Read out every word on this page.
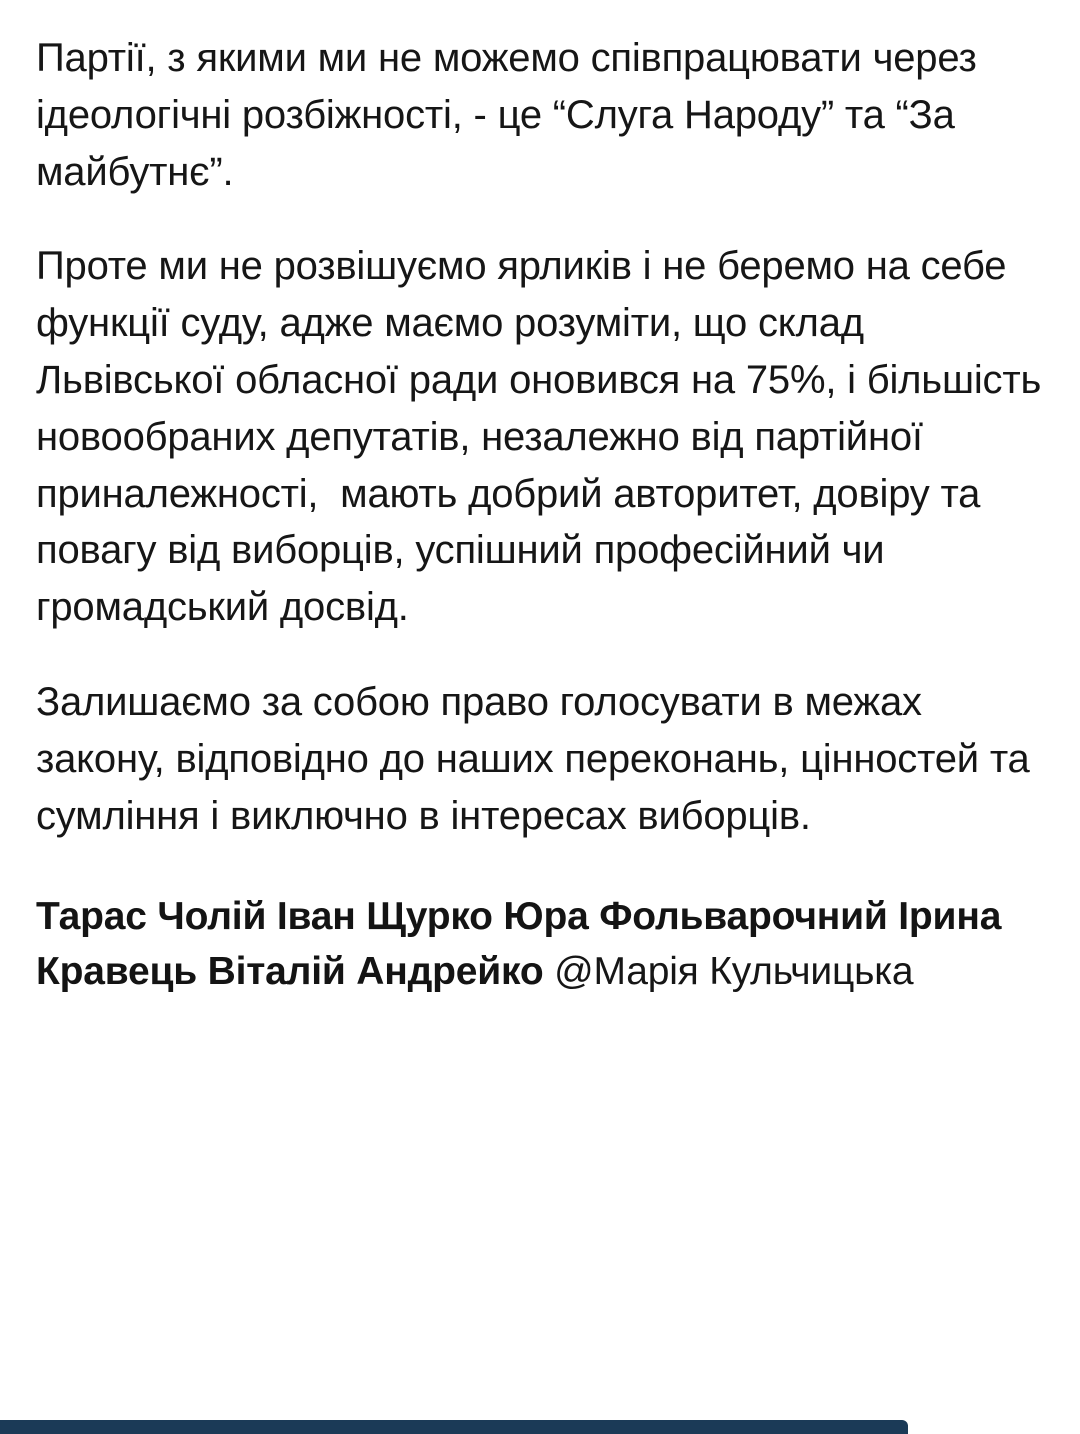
Партії, з якими ми не можемо співпрацювати через ідеологічні розбіжності, - це “Слуга Народу” та “За майбутнє”.

Проте ми не розвішуємо ярликів і не беремо на себе функції суду, адже маємо розуміти, що склад Львівської обласної ради оновився на 75%, і більшість новообраних депутатів, незалежно від партійної приналежності,  мають добрий авторитет, довіру та повагу від виборців, успішний професійний чи громадський досвід.

Залишаємо за собою право голосувати в межах закону, відповідно до наших переконань, цінностей та сумління і виключно в інтересах виборців.

Тарас Чолій Іван Щурко Юра Фольварочний Ірина Кравець Віталій Андрейко @Марія Кульчицька
